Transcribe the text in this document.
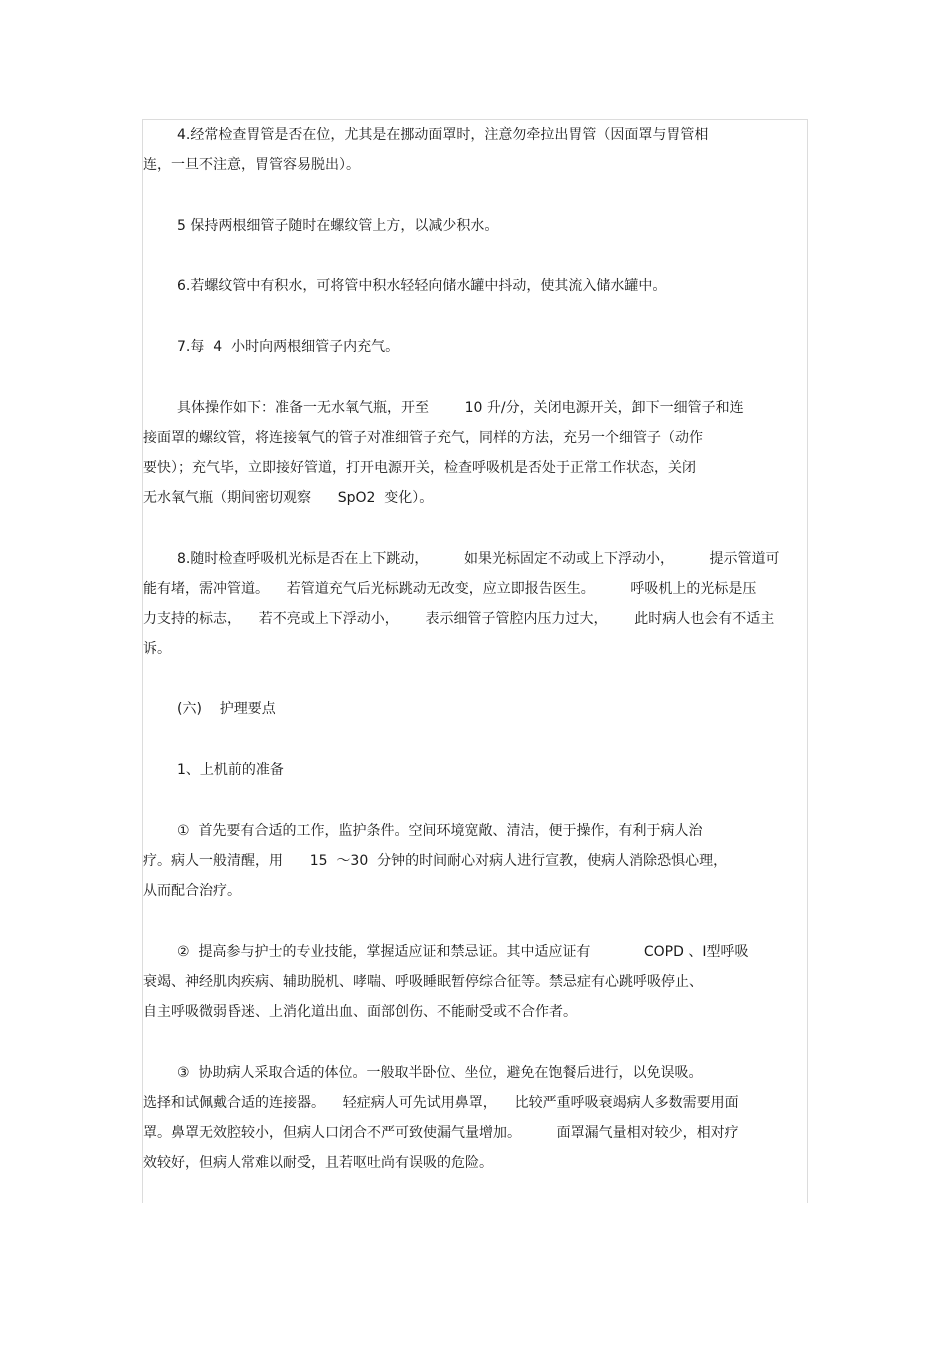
4.经常检查胃管是否在位，尤其是在挪动面罩时，注意勿牵拉出胃管（因面罩与胃管相
连，一旦不注意，胃管容易脱出）。
5 保持两根细管子随时在螺纹管上方，以减少积水。
6.若螺纹管中有积水，可将管中积水轻轻向储水罐中抖动，使其流入储水罐中。
7.每  4  小时向两根细管子内充气。
具体操作如下：准备一无水氧气瓶，开至        10 升/分，关闭电源开关，卸下一细管子和连
接面罩的螺纹管，将连接氧气的管子对准细管子充气，同样的方法，充另一个细管子（动作
要快）；充气毕，立即接好管道，打开电源开关，检查呼吸机是否处于正常工作状态，关闭
无水氧气瓶（期间密切观察      SpO2  变化）。
8.随时检查呼吸机光标是否在上下跳动，        如果光标固定不动或上下浮动小，        提示管道可
能有堵，需冲管道。    若管道充气后光标跳动无改变，应立即报告医生。        呼吸机上的光标是压
力支持的标志，    若不亮或上下浮动小，      表示细管子管腔内压力过大，      此时病人也会有不适主
诉。
(六)    护理要点
1、上机前的准备
①  首先要有合适的工作，监护条件。空间环境宽敞、清洁，便于操作，有利于病人治
疗。病人一般清醒，用      15  ～30  分钟的时间耐心对病人进行宣教，使病人消除恐惧心理，
从而配合治疗。
②  提高参与护士的专业技能，掌握适应证和禁忌证。其中适应证有            COPD 、Ⅰ型呼吸
衰竭、神经肌肉疾病、辅助脱机、哮喘、呼吸睡眠暂停综合征等。禁忌症有心跳呼吸停止、
自主呼吸微弱昏迷、上消化道出血、面部创伤、不能耐受或不合作者。
③  协助病人采取合适的体位。一般取半卧位、坐位，避免在饱餐后进行，以免误吸。
选择和试佩戴合适的连接器。    轻症病人可先试用鼻罩，    比较严重呼吸衰竭病人多数需要用面
罩。鼻罩无效腔较小，但病人口闭合不严可致使漏气量增加。        面罩漏气量相对较少，相对疗
效较好，但病人常难以耐受，且若呕吐尚有误吸的危险。
